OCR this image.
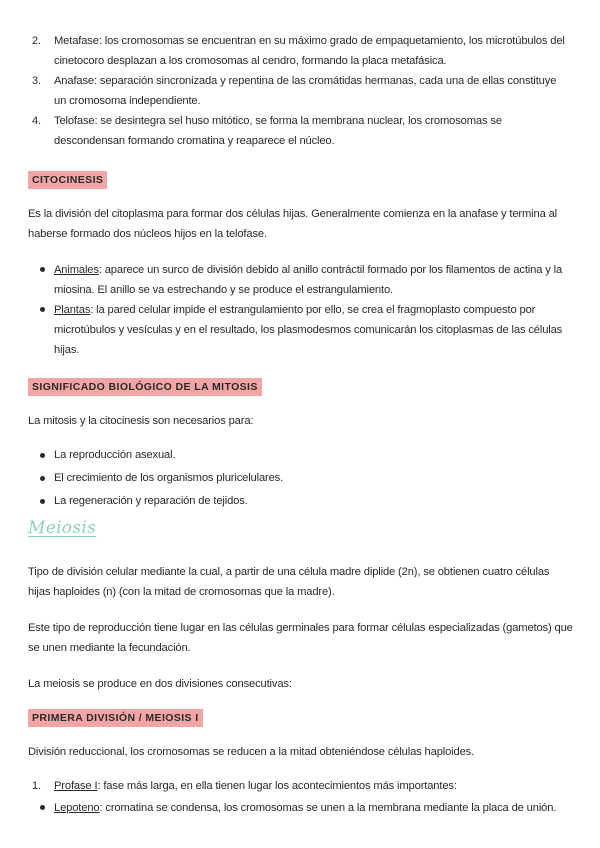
2. Metafase: los cromosomas se encuentran en su máximo grado de empaquetamiento, los microtúbulos del cinetocoro desplazan a los cromosomas al cendro, formando la placa metafásica.
3. Anafase: separación sincronizada y repentina de las cromátidas hermanas, cada una de ellas constituye un cromosoma independiente.
4. Telofase: se desintegra sel huso mitótico, se forma la membrana nuclear, los cromosomas se descondensan formando cromatina y reaparece el núcleo.
CITOCINESIS

Es la división del citoplasma para formar dos células hijas. Generalmente comienza en la anafase y termina al haberse formado dos núcleos hijos en la telofase.

Animales: aparece un surco de división debido al anillo contráctil formado por los filamentos de actina y la miosina. El anillo se va estrechando y se produce el estrangulamiento.
Plantas: la pared celular impide el estrangulamiento por ello, se crea el fragmoplasto compuesto por microtúbulos y vesículas y en el resultado, los plasmodesmos comunicarán los citoplasmas de las células hijas.
SIGNIFICADO BIOLÓGICO DE LA MITOSIS

La mitosis y la citocinesis son necesarios para:

La reproducción asexual.
El crecimiento de los organismos pluricelulares.
La regeneración y reparación de tejidos.
Meiosis

Tipo de división celular mediante la cual, a partir de una célula madre diplide (2n), se obtienen cuatro células hijas haploides (n) (con la mitad de cromosomas que la madre).

Este tipo de reproducción tiene lugar en las células germinales para formar células especializadas (gametos) que se unen mediante la fecundación.

La meiosis se produce en dos divisiones consecutivas:

PRIMERA DIVISIÓN / MEIOSIS I

División reduccional, los cromosomas se reducen a la mitad obteniéndose células haploides.

1. Profase I: fase más larga, en ella tienen lugar los acontecimientos más importantes:
Lepoteno: cromatina se condensa, los cromosomas se unen a la membrana mediante la placa de unión.
